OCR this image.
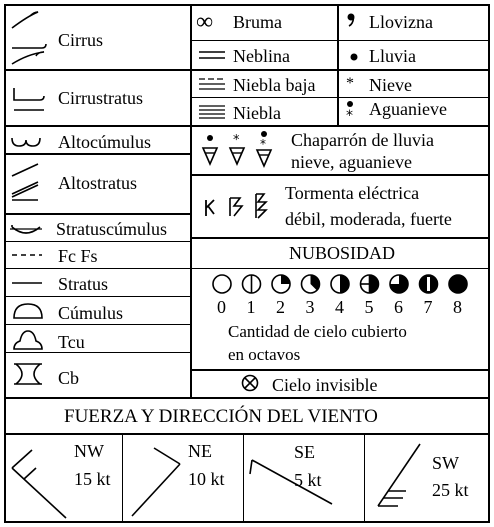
Cirrus
Cirrustratus
Altocúmulus
Altostratus
Stratuscúmulus
Fc Fs
Stratus
Cúmulus
Tcu
Cb
∞ Bruma	Llovizna
Neblina	Lluvia
Niebla baja * Nieve
Niebla	* Aguanieve
* * Chaparrón de lluvia
nieve, aguanieve
Tormenta eléctrica
débil, moderada, fuerte
NUBOSIDAD
0 1 2 3 4 5 6 7 8
Cantidad de cielo cubierto
en octavos
Cielo invisible
FUERZA Y DIRECCIÓN DEL VIENTO
NW
15 kt
NE
10 kt
SE
5 kt
SW
25 kt
